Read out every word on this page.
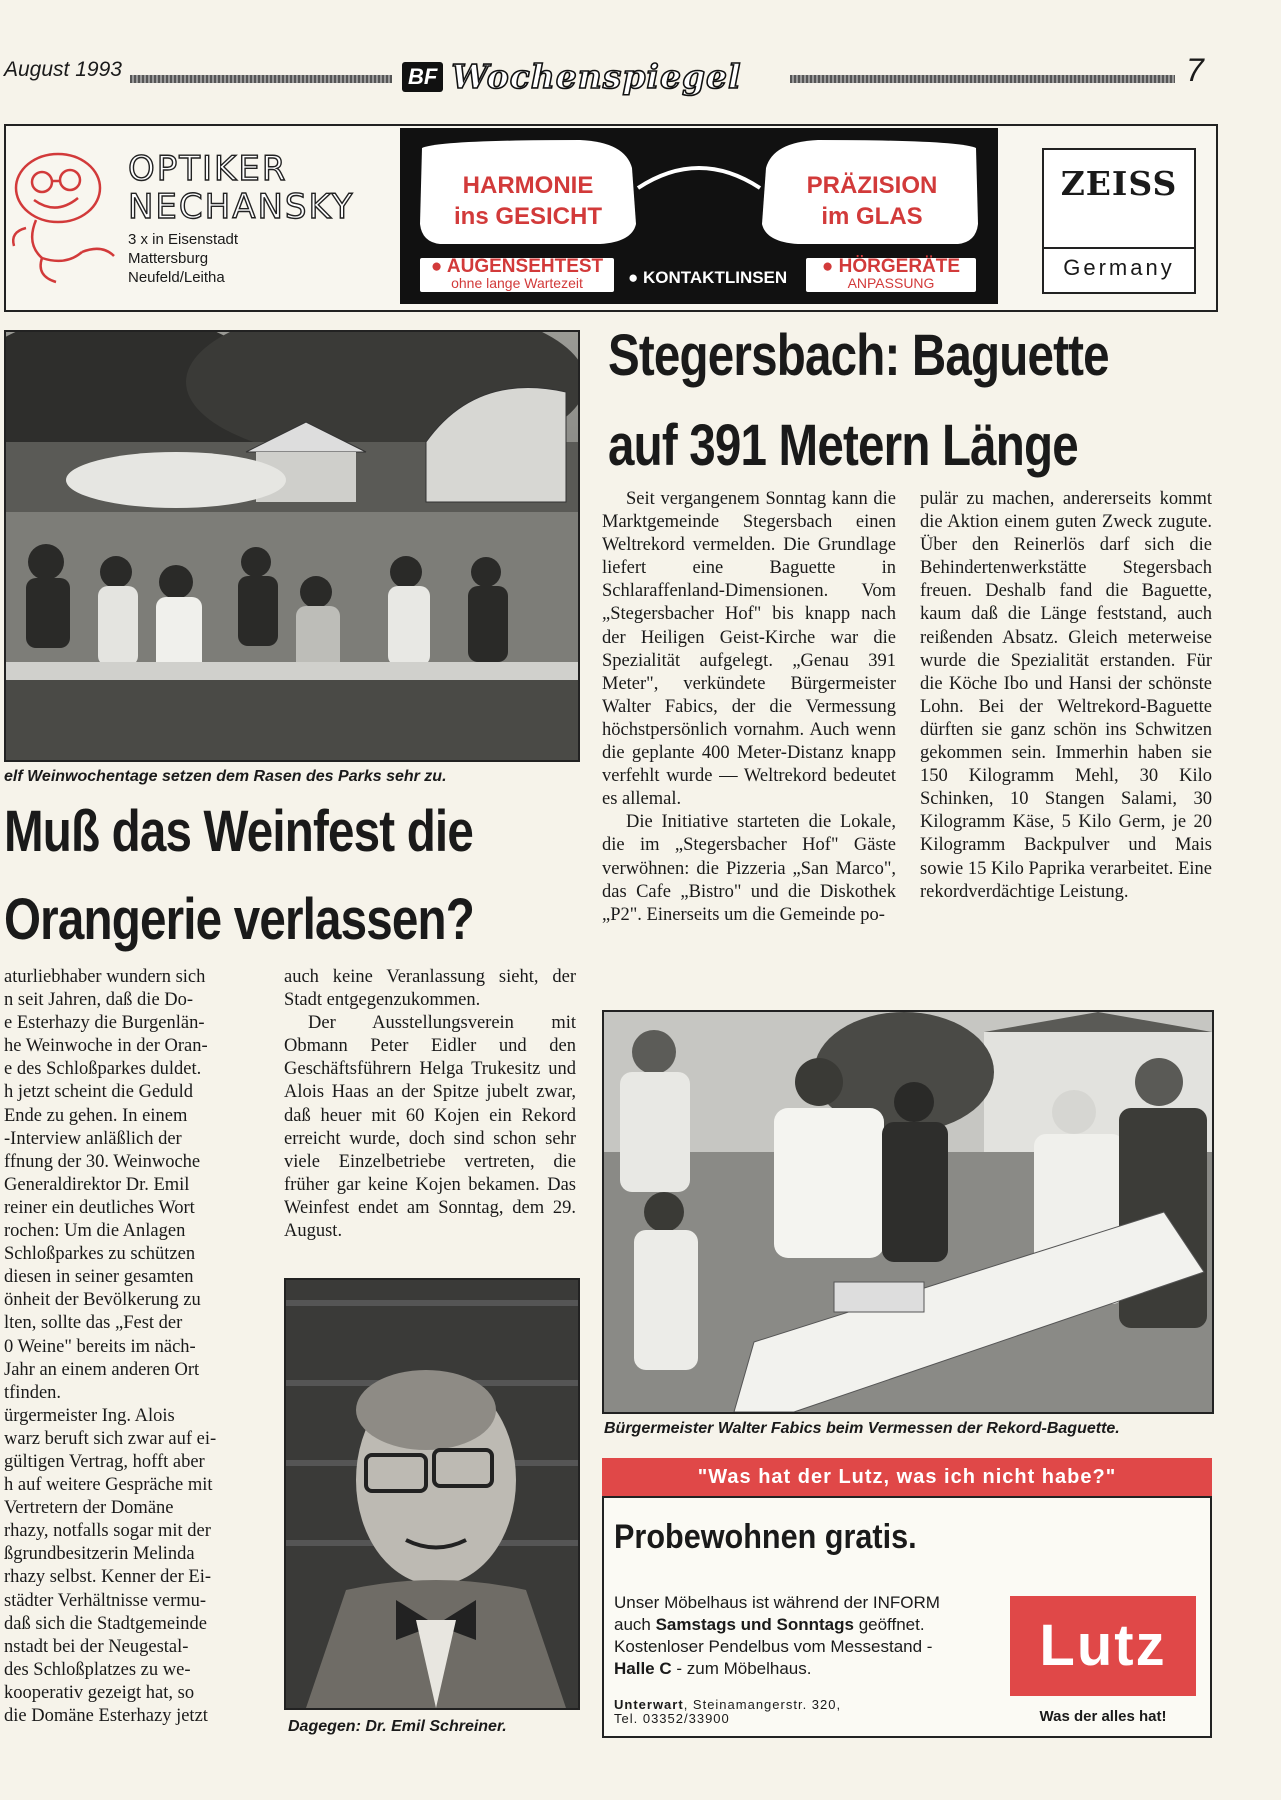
August 1993	BF Wochenspiegel	7
OPTIKER
NECHANSKY
3 x in Eisenstadt
Mattersburg
Neufeld/Leitha
HARMONIE
ins GESICHT
PRÄZISION
im GLAS
● AUGENSEHTEST
ohne lange Wartezeit	● KONTAKTLINSEN
● HÖRGERÄTE
ANPASSUNG
ZEISS
Germany
elf Weinwochentage setzen dem Rasen des Parks sehr zu.
Muß das Weinfest die
Orangerie verlassen?
aturliebhaber wundern sich
n seit Jahren, daß die Do-
e Esterhazy die Burgenlän-
he Weinwoche in der Oran-
e des Schloßparkes duldet.
h jetzt scheint die Geduld
Ende zu gehen. In einem
-Interview anläßlich der
ffnung der 30. Weinwoche
Generaldirektor Dr. Emil
reiner ein deutliches Wort
rochen: Um die Anlagen
Schloßparkes zu schützen
diesen in seiner gesamten
önheit der Bevölkerung zu
lten, sollte das „Fest der
0 Weine" bereits im näch-
Jahr an einem anderen Ort
tfinden.
ürgermeister Ing. Alois
warz beruft sich zwar auf ei-
gültigen Vertrag, hofft aber
h auf weitere Gespräche mit
Vertretern der Domäne
rhazy, notfalls sogar mit der
ßgrundbesitzerin Melinda
rhazy selbst. Kenner der Ei-
städter Verhältnisse vermu-
daß sich die Stadtgemeinde
nstadt bei der Neugestal-
des Schloßplatzes zu we-
kooperativ gezeigt hat, so
die Domäne Esterhazy jetzt

auch keine Veranlassung sieht, der Stadt entgegenzukommen.

Der Ausstellungsverein mit Obmann Peter Eidler und den Geschäftsführern Helga Trukesitz und Alois Haas an der Spitze jubelt zwar, daß heuer mit 60 Kojen ein Rekord erreicht wurde, doch sind schon sehr viele Einzelbetriebe vertreten, die früher gar keine Kojen bekamen. Das Weinfest endet am Sonntag, dem 29. August.

Dagegen: Dr. Emil Schreiner.
Stegersbach: Baguette
auf 391 Metern Länge

Seit vergangenem Sonntag kann die Marktgemeinde Stegersbach einen Weltrekord vermelden. Die Grundlage liefert eine Baguette in Schlaraffenland-Dimensionen. Vom „Stegersbacher Hof" bis knapp nach der Heiligen Geist-Kirche war die Spezialität aufgelegt. „Genau 391 Meter", verkündete Bürgermeister Walter Fabics, der die Vermessung höchstpersönlich vornahm. Auch wenn die geplante 400 Meter-Distanz knapp verfehlt wurde — Weltrekord bedeutet es allemal.

Die Initiative starteten die Lokale, die im „Stegersbacher Hof" Gäste verwöhnen: die Pizzeria „San Marco", das Cafe „Bistro" und die Diskothek „P2". Einerseits um die Gemeinde po-

pulär zu machen, andererseits kommt die Aktion einem guten Zweck zugute. Über den Reinerlös darf sich die Behindertenwerkstätte Stegersbach freuen. Deshalb fand die Baguette, kaum daß die Länge feststand, auch reißenden Absatz. Gleich meterweise wurde die Spezialität erstanden. Für die Köche Ibo und Hansi der schönste Lohn. Bei der Weltrekord-Baguette dürften sie ganz schön ins Schwitzen gekommen sein. Immerhin haben sie 150 Kilogramm Mehl, 30 Kilo Schinken, 10 Stangen Salami, 30 Kilogramm Käse, 5 Kilo Germ, je 20 Kilogramm Backpulver und Mais sowie 15 Kilo Paprika verarbeitet. Eine rekordverdächtige Leistung.

Bürgermeister Walter Fabics beim Vermessen der Rekord-Baguette.
"Was hat der Lutz, was ich nicht habe?"
Probewohnen gratis.
Unser Möbelhaus ist während der INFORM
auch Samstags und Sonntags geöffnet.
Kostenloser Pendelbus vom Messestand -
Halle C - zum Möbelhaus.
Unterwart, Steinamangerstr. 320,
Tel. 03352/33900
Lutz
Was der alles hat!
